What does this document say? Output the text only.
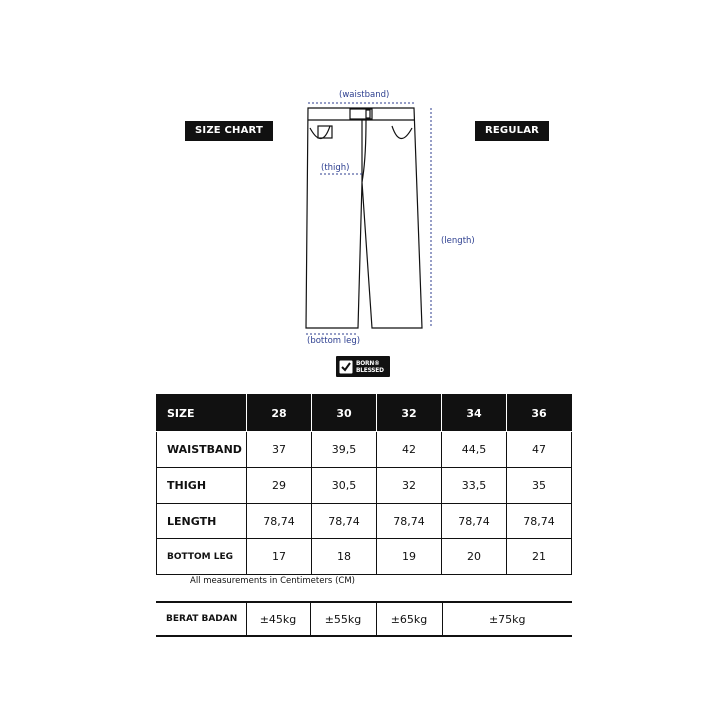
SIZE CHART	REGULAR
(waistband)
(thigh)
(length)
(bottom leg)
BORN®
BLESSED
SIZE	28	30	32	34	36
WAISTBAND	37	39,5	42	44,5	47
THIGH	29	30,5	32	33,5	35
LENGTH	78,74	78,74	78,74	78,74	78,74
BOTTOM LEG	17	18	19	20	21
All measurements in Centimeters (CM)
BERAT BADAN	±45kg	±55kg	±65kg	±75kg
